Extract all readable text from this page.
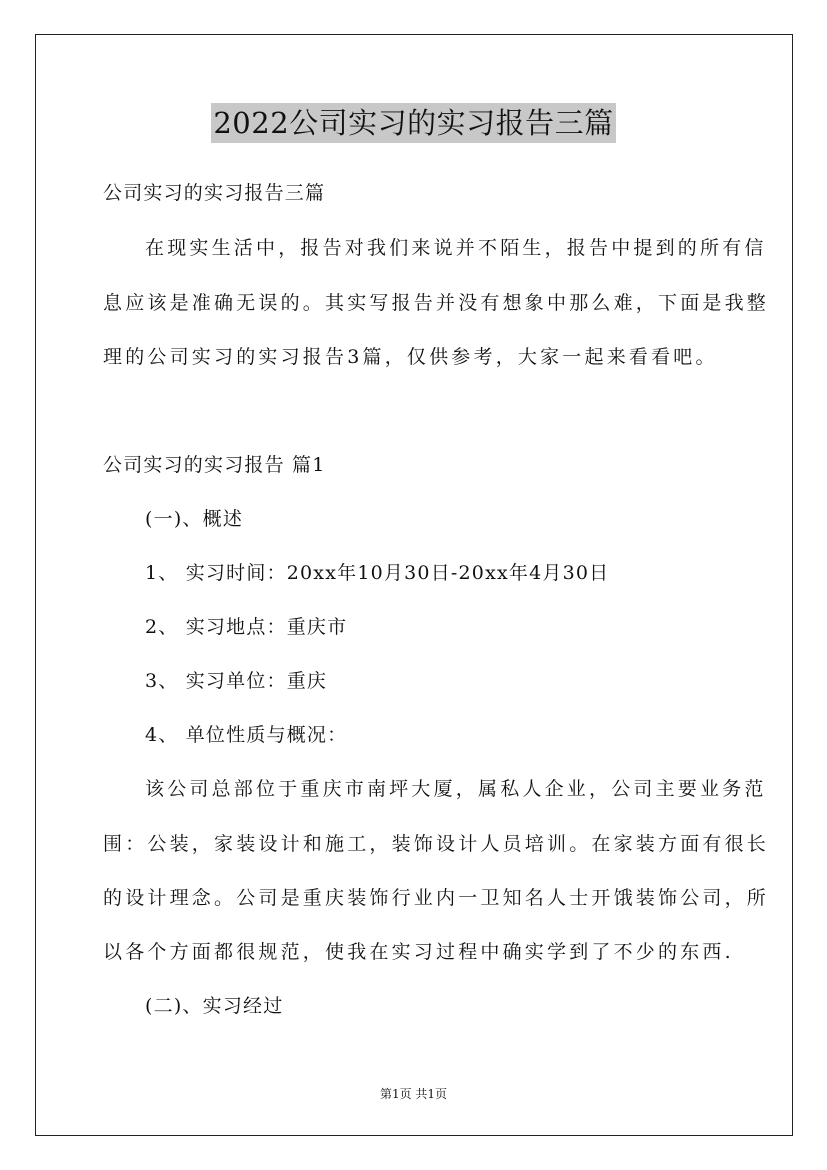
2022公司实习的实习报告三篇
公司实习的实习报告三篇
在现实生活中，报告对我们来说并不陌生，报告中提到的所有信
息应该是准确无误的。其实写报告并没有想象中那么难，下面是我整
理的公司实习的实习报告3篇，仅供参考，大家一起来看看吧。
公司实习的实习报告 篇1
(一)、概述
1、 实习时间：20xx年10月30日-20xx年4月30日
2、 实习地点：重庆市
3、 实习单位：重庆
4、 单位性质与概况：
该公司总部位于重庆市南坪大厦，属私人企业，公司主要业务范
围：公装，家装设计和施工，装饰设计人员培训。在家装方面有很长
的设计理念。公司是重庆装饰行业内一卫知名人士开饿装饰公司，所
以各个方面都很规范，使我在实习过程中确实学到了不少的东西.
(二)、实习经过
第1页 共1页
